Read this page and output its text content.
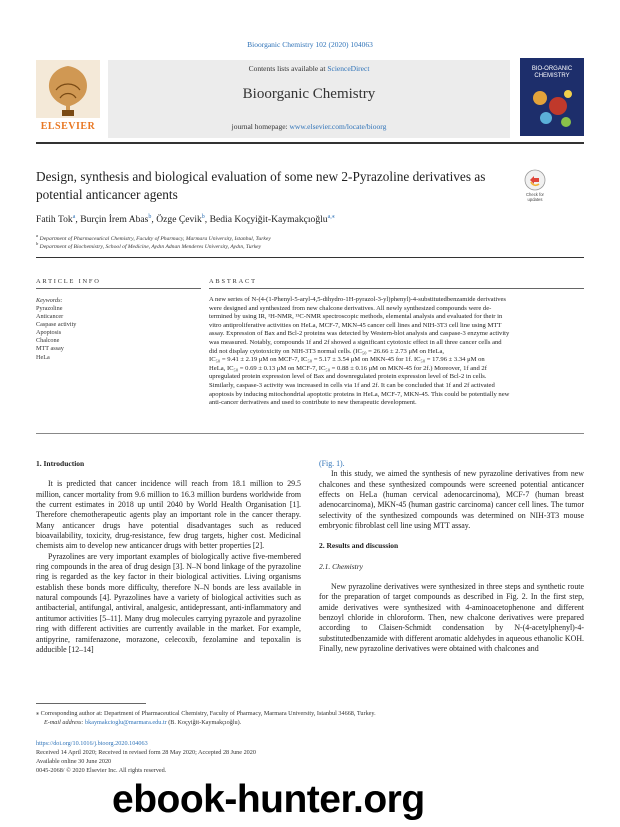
Bioorganic Chemistry 102 (2020) 104063
ELSEVIER
Contents lists available at ScienceDirect
Bioorganic Chemistry
journal homepage: www.elsevier.com/locate/bioorg
BIO-ORGANIC CHEMISTRY
Design, synthesis and biological evaluation of some new 2-Pyrazoline derivatives as potential anticancer agents	Check for
updates
Fatih Tok$^a$, Burçin İrem Abas$^b$, Özge Çevik$^b$, Bedia Koçyiğit-Kaymakçıoğlu$^{a,⁎}$
$^a$ Department of Pharmaceutical Chemistry, Faculty of Pharmacy, Marmara University, Istanbul, Turkey
$^b$ Department of Biochemistry, School of Medicine, Aydın Adnan Menderes University, Aydın, Turkey
ARTICLE INFO
Keywords:
Pyrazoline
Anticancer
Caspase activity
Apoptosis
Chalcone
MTT assay
HeLa
ABSTRACT
A new series of N-(4-(1-Phenyl-5-aryl-4,5-dihydro-1H-pyrazol-3-yl)phenyl)-4-substitutedbenzamide derivatives
were designed and synthesized from new chalcone derivatives. All newly synthesized compounds were de-
termined by using IR, ¹H-NMR, ¹³C-NMR spectroscopic methods, elemental analysis and evaluated for their in
vitro antiproliferative activities on HeLa, MCF-7, MKN-45 cancer cell lines and NIH-3T3 cell line using MTT
assay. Expression of Bax and Bcl-2 proteins was detected by Western-blot analysis and caspase-3 enzyme activity
was measured. Notably, compounds 1f and 2f showed a significant cytotoxic effect in all three cancer cells and
did not display cytotoxicity on NIH-3T3 normal cells. (IC₅₀ = 26.66 ± 2.73 μM on HeLa,
IC₅₀ = 9.41 ± 2.19 μM on MCF-7, IC₅₀ = 5.17 ± 3.54 μM on MKN-45 for 1f. IC₅₀ = 17.96 ± 3.34 μM on
HeLa, IC₅₀ = 0.69 ± 0.13 μM on MCF-7, IC₅₀ = 0.88 ± 0.16 μM on MKN-45 for 2f.) Moreover, 1f and 2f
upregulated protein expression level of Bax and downregulated protein expression level of Bcl-2 in cells.
Similarly, caspase-3 activity was increased in cells via 1f and 2f. It can be concluded that 1f and 2f activated
apoptosis by inducing mitochondrial apoptotic proteins in HeLa, MCF-7, MKN-45. This could be potentially new
anti-cancer derivatives and used to contribute to new therapeutic development.

1. Introduction

It is predicted that cancer incidence will reach from 18.1 million to 29.5 million, cancer mortality from 9.6 million to 16.3 million burdens worldwide from the current estimates in 2018 up until 2040 by World Health Organisation [1]. Therefore chemotherapeutic agents play an important role in the cancer therapy. Many anticancer drugs have potential disadvantages such as reduced bioavailability, toxicity, drug-resistance, few drug targets, higher cost. Medicinal chemists aim to develop new anticancer drugs with better properties [2].

Pyrazolines are very important examples of biologically active five-membered ring compounds in the area of drug design [3]. N–N bond linkage of the pyrazoline ring is regarded as the key factor in their biological activities. Living organisms establish these bonds more difficulty, therefore N–N bonds are less available in natural compounds [4]. Pyrazolines have a variety of biological activities such as antibacterial, antifungal, antiviral, analgesic, antidepressant, anti-inflammatory and antitumor activities [5–11]. Many drug molecules carrying pyrazole and pyrazoline ring with different activities are currently available in the market. For example, antipyrine, ramifenazone, morazone, celecoxib, fezolamine and tepoxalin is adducible [12–14]

(Fig. 1).

In this study, we aimed the synthesis of new pyrazoline derivatives from new chalcones and these synthesized compounds were screened potential anticancer effects on HeLa (human cervical adenocarcinoma), MCF-7 (human breast adenocarcinoma), MKN-45 (human gastric carcinoma) cancer cell lines. The tumor selectivity of the synthesized compounds was determined on NIH-3T3 mouse embryonic fibroblast cell line using MTT assay.

2. Results and discussion

2.1. Chemistry

New pyrazoline derivatives were synthesized in three steps and synthetic route for the preparation of target compounds as described in Fig. 2. In the first step, amide derivatives were synthesized with 4-aminoacetophenone and different benzoyl chloride in chloroform. Then, new chalcone derivatives were prepared according to Claisen-Schmidt condensation by N-(4-acetylphenyl)-4-substitutedbenzamide with different aromatic aldehydes in aqueous ethanolic KOH. Finally, new pyrazoline derivatives were obtained with chalcones and

⁎ Corresponding author at: Department of Pharmaceutical Chemistry, Faculty of Pharmacy, Marmara University, Istanbul 34668, Turkey.
E-mail address: bkaymakcioglu@marmara.edu.tr (B. Koçyiğit-Kaymakçıoğlu).
https://doi.org/10.1016/j.bioorg.2020.104063
Received 14 April 2020; Received in revised form 28 May 2020; Accepted 28 June 2020
Available online 30 June 2020
0045-2068/ © 2020 Elsevier Inc. All rights reserved.
ebook-hunter.org
